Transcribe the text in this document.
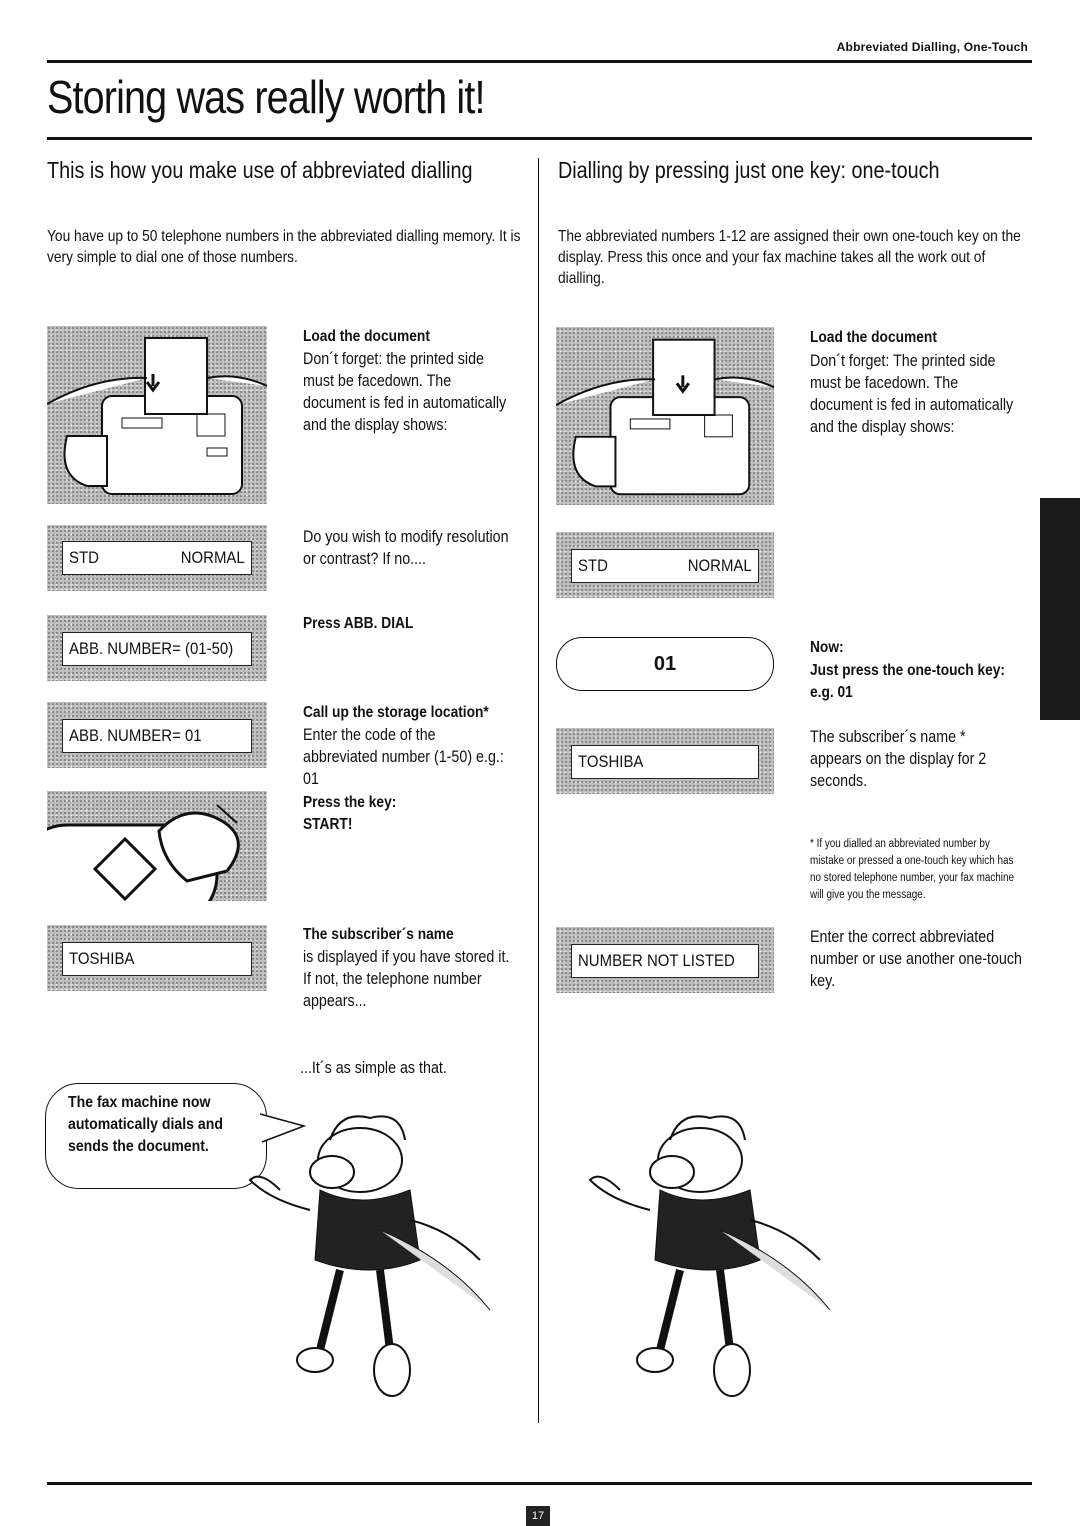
Abbreviated Dialling, One-Touch
Storing was really worth it!
This is how you make use of abbreviated dialling
You have up to 50 telephone numbers in the abbreviated dialling memory. It is very simple to dial one of those numbers.
Load the document
Don´t forget: the printed side must be facedown. The document is fed in automatically and the display shows:
STD	NORMAL
Do you wish to modify resolution or contrast? If no....
ABB. NUMBER= (01-50)
Press ABB. DIAL
ABB. NUMBER= 01
Call up the storage location*
Enter the code of the abbreviated number (1-50) e.g.: 01
Press the key:
START!
TOSHIBA
The subscriber´s name
is displayed if you have stored it. If not, the telephone number appears...
...It´s as simple as that.
The fax machine now automatically dials and sends the document.
Dialling by pressing just one key: one-touch
The abbreviated numbers 1-12 are assigned their own one-touch key on the display. Press this once and your fax machine takes all the work out of dialling.
Load the document
Don´t forget: The printed side must be facedown. The document is fed in automatically and the display shows:
STD	NORMAL
01
Now:
Just press the one-touch key: e.g. 01
TOSHIBA
The subscriber´s name * appears on the display for 2 seconds.
* If you dialled an abbreviated number by mistake or pressed a one-touch key which has no stored telephone number, your fax machine will give you the message.
NUMBER NOT LISTED
Enter the correct abbreviated number or use another one-touch key.
17
